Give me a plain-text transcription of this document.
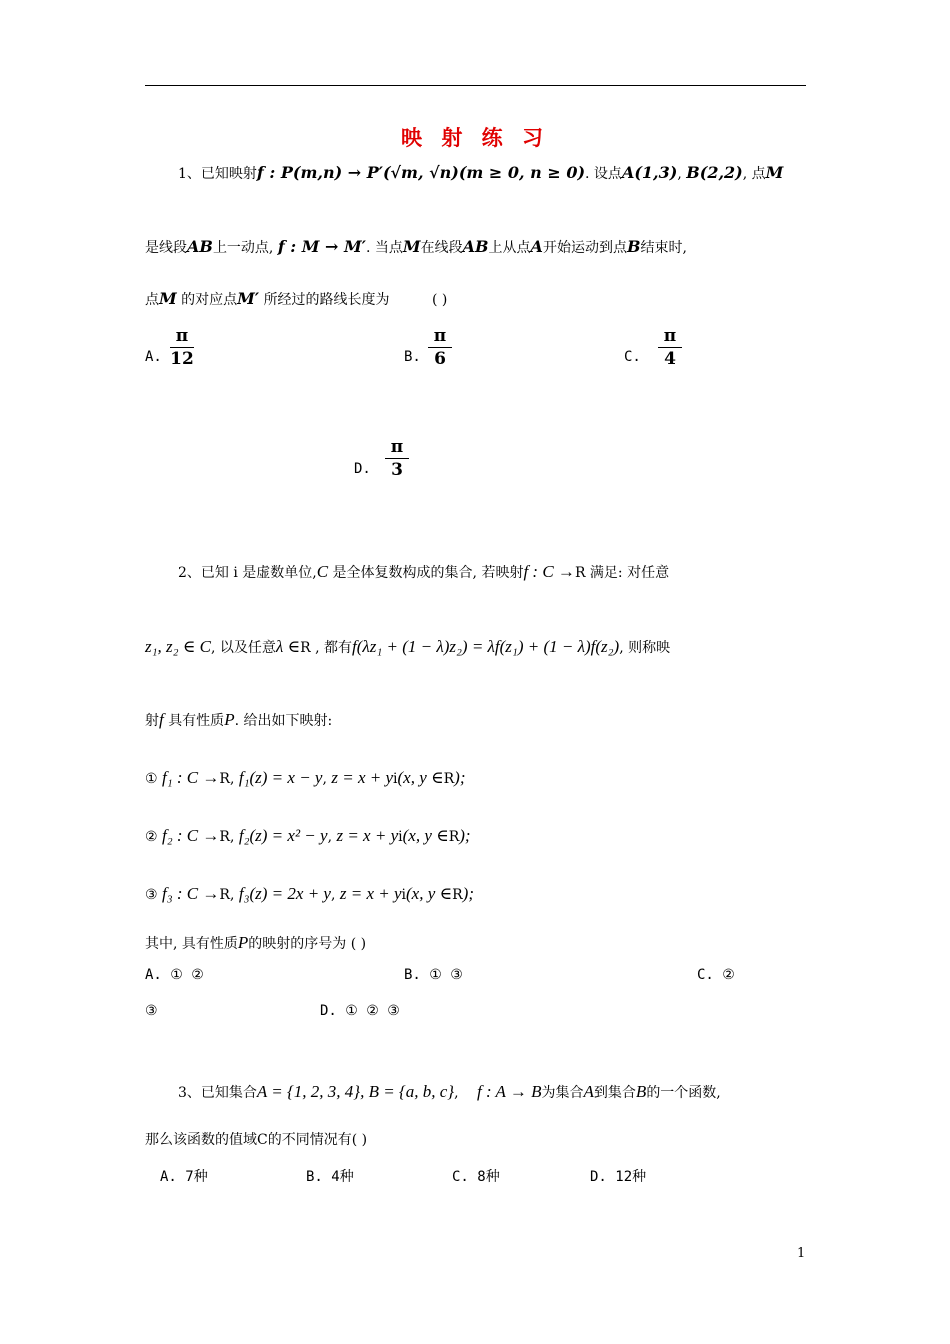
映 射 练 习
1、已知映射f : P(m,n) → P′(√m, √n)(m ≥ 0, n ≥ 0). 设点A(1,3), B(2,2), 点M
是线段AB上一动点, f : M → M′. 当点M在线段AB上从点A开始运动到点B结束时,
点M 的对应点M′ 所经过的路线长度为	( )
A.
π
12	B.
π
6	C.
π
4
D.
π
3
2、已知 i 是虚数单位,C 是全体复数构成的集合, 若映射f : C →R 满足: 对任意
z₁, z₂ ∈ C, 以及任意λ ∈R , 都有f(λz₁ + (1 − λ)z₂) = λf(z₁) + (1 − λ)f(z₂), 则称映
射f 具有性质P. 给出如下映射:
① f₁ : C →R, f₁(z) = x − y, z = x + yi(x, y ∈R);
② f₂ : C →R, f₂(z) = x² − y, z = x + yi(x, y ∈R);
③ f₃ : C →R, f₃(z) = 2x + y, z = x + yi(x, y ∈R);
其中, 具有性质P的映射的序号为 ( )
A. ① ②	B. ① ③	C. ②
③	D. ① ② ③
3、已知集合A = {1, 2, 3, 4}, B = {a, b, c}, f : A → B为集合A到集合B的一个函数,
那么该函数的值域C的不同情况有( )
A. 7种	B. 4种	C. 8种	D. 12种
1
